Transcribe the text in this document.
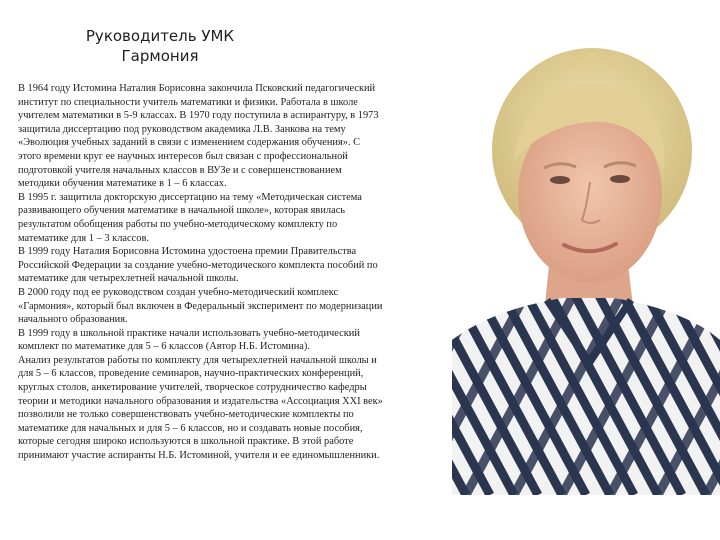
Руководитель УМК
Гармония
В 1964 году Истомина Наталия Борисовна закончила Псковский педагогический
институт по специальности учитель математики и физики. Работала в школе
учителем математики в 5-9 классах. В 1970 году поступила в аспирантуру, в 1973
защитила диссертацию под руководством академика Л.В. Занкова на тему
«Эволюция учебных заданий в связи с изменением содержания обучения». С
этого времени круг ее научных интересов был связан с профессиональной
подготовкой учителя начальных классов в ВУЗе и с совершенствованием
методики обучения математике в 1 – 6 классах.
В 1995 г. защитила докторскую диссертацию на тему «Методическая система
развивающего обучения математике в начальной школе», которая явилась
результатом обобщения работы по учебно-методическому комплекту по
математике для 1 – 3 классов.
В 1999 году Наталия Борисовна Истомина удостоена премии Правительства
Российской Федерации за создание учебно-методического комплекта пособий по
математике для четырехлетней начальной школы.
В 2000 году под ее руководством создан учебно-методический комплекс
«Гармония», который был включен в Федеральный эксперимент по модернизации
начального образования.
В 1999 году в школьной практике начали использовать учебно-методический
комплект по математике для 5 – 6 классов (Автор Н.Б. Истомина).
Анализ результатов работы по комплекту для четырехлетней начальной школы и
для 5 – 6 классов, проведение семинаров, научно-практических конференций,
круглых столов, анкетирование учителей, творческое сотрудничество кафедры
теории и методики начального образования и издательства «Ассоциация XXI век»
позволили не только совершенствовать учебно-методические комплекты по
математике для начальных и для 5 – 6 классов, но и создавать новые пособия,
которые сегодня широко используются в школьной практике. В этой работе
принимают участие аспиранты Н.Б. Истоминой, учителя и ее единомышленники.
